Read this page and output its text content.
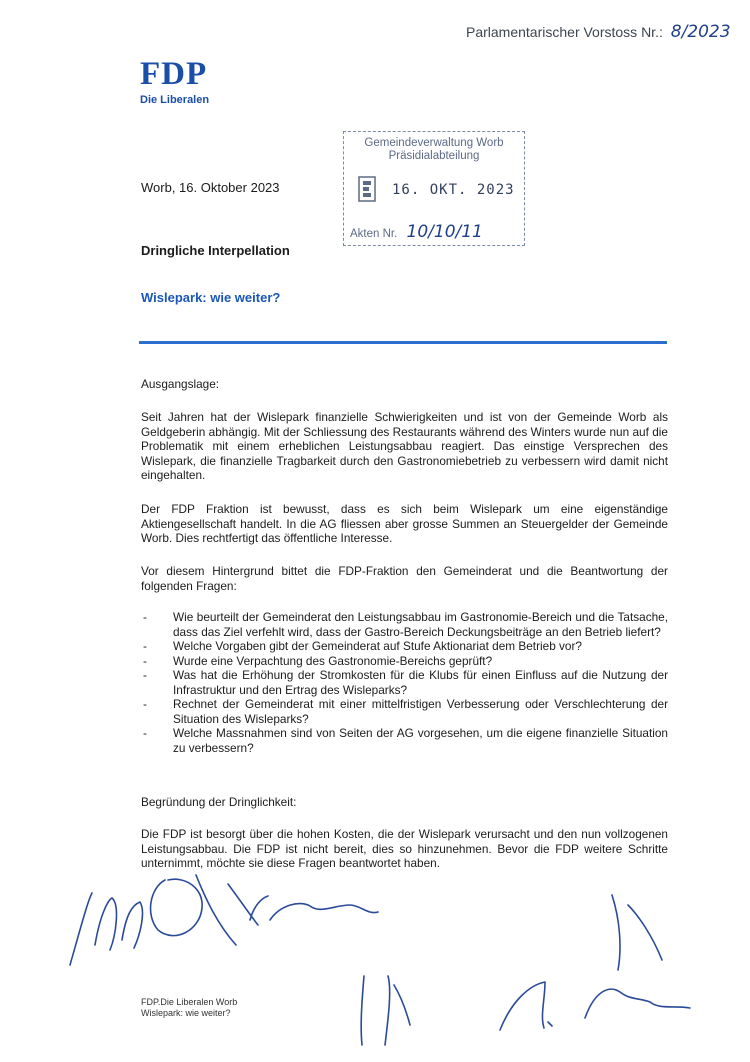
Parlamentarischer Vorstoss Nr.: 8/2023
FDP
Die Liberalen
Gemeindeverwaltung Worb
Präsidialabteilung
16. OKT. 2023
Akten Nr. 10/10/11
Worb, 16. Oktober 2023
Dringliche Interpellation
Wislepark: wie weiter?
Ausgangslage:
Seit Jahren hat der Wislepark finanzielle Schwierigkeiten und ist von der Gemeinde Worb als Geldgeberin abhängig. Mit der Schliessung des Restaurants während des Winters wurde nun auf die Problematik mit einem erheblichen Leistungsabbau reagiert. Das einstige Versprechen des Wislepark, die finanzielle Tragbarkeit durch den Gastronomiebetrieb zu verbessern wird damit nicht eingehalten.
Der FDP Fraktion ist bewusst, dass es sich beim Wislepark um eine eigenständige Aktiengesellschaft handelt. In die AG fliessen aber grosse Summen an Steuergelder der Gemeinde Worb. Dies rechtfertigt das öffentliche Interesse.
Vor diesem Hintergrund bittet die FDP-Fraktion den Gemeinderat und die Beantwortung der folgenden Fragen:
- Wie beurteilt der Gemeinderat den Leistungsabbau im Gastronomie-Bereich und die Tatsache, dass das Ziel verfehlt wird, dass der Gastro-Bereich Deckungsbeiträge an den Betrieb liefert?
- Welche Vorgaben gibt der Gemeinderat auf Stufe Aktionariat dem Betrieb vor?
- Wurde eine Verpachtung des Gastronomie-Bereichs geprüft?
- Was hat die Erhöhung der Stromkosten für die Klubs für einen Einfluss auf die Nutzung der Infrastruktur und den Ertrag des Wisleparks?
- Rechnet der Gemeinderat mit einer mittelfristigen Verbesserung oder Verschlechterung der Situation des Wisleparks?
- Welche Massnahmen sind von Seiten der AG vorgesehen, um die eigene finanzielle Situation zu verbessern?
Begründung der Dringlichkeit:
Die FDP ist besorgt über die hohen Kosten, die der Wislepark verursacht und den nun vollzogenen Leistungsabbau. Die FDP ist nicht bereit, dies so hinzunehmen. Bevor die FDP weitere Schritte unternimmt, möchte sie diese Fragen beantwortet haben.
FDP.Die Liberalen Worb
Wislepark: wie weiter?
